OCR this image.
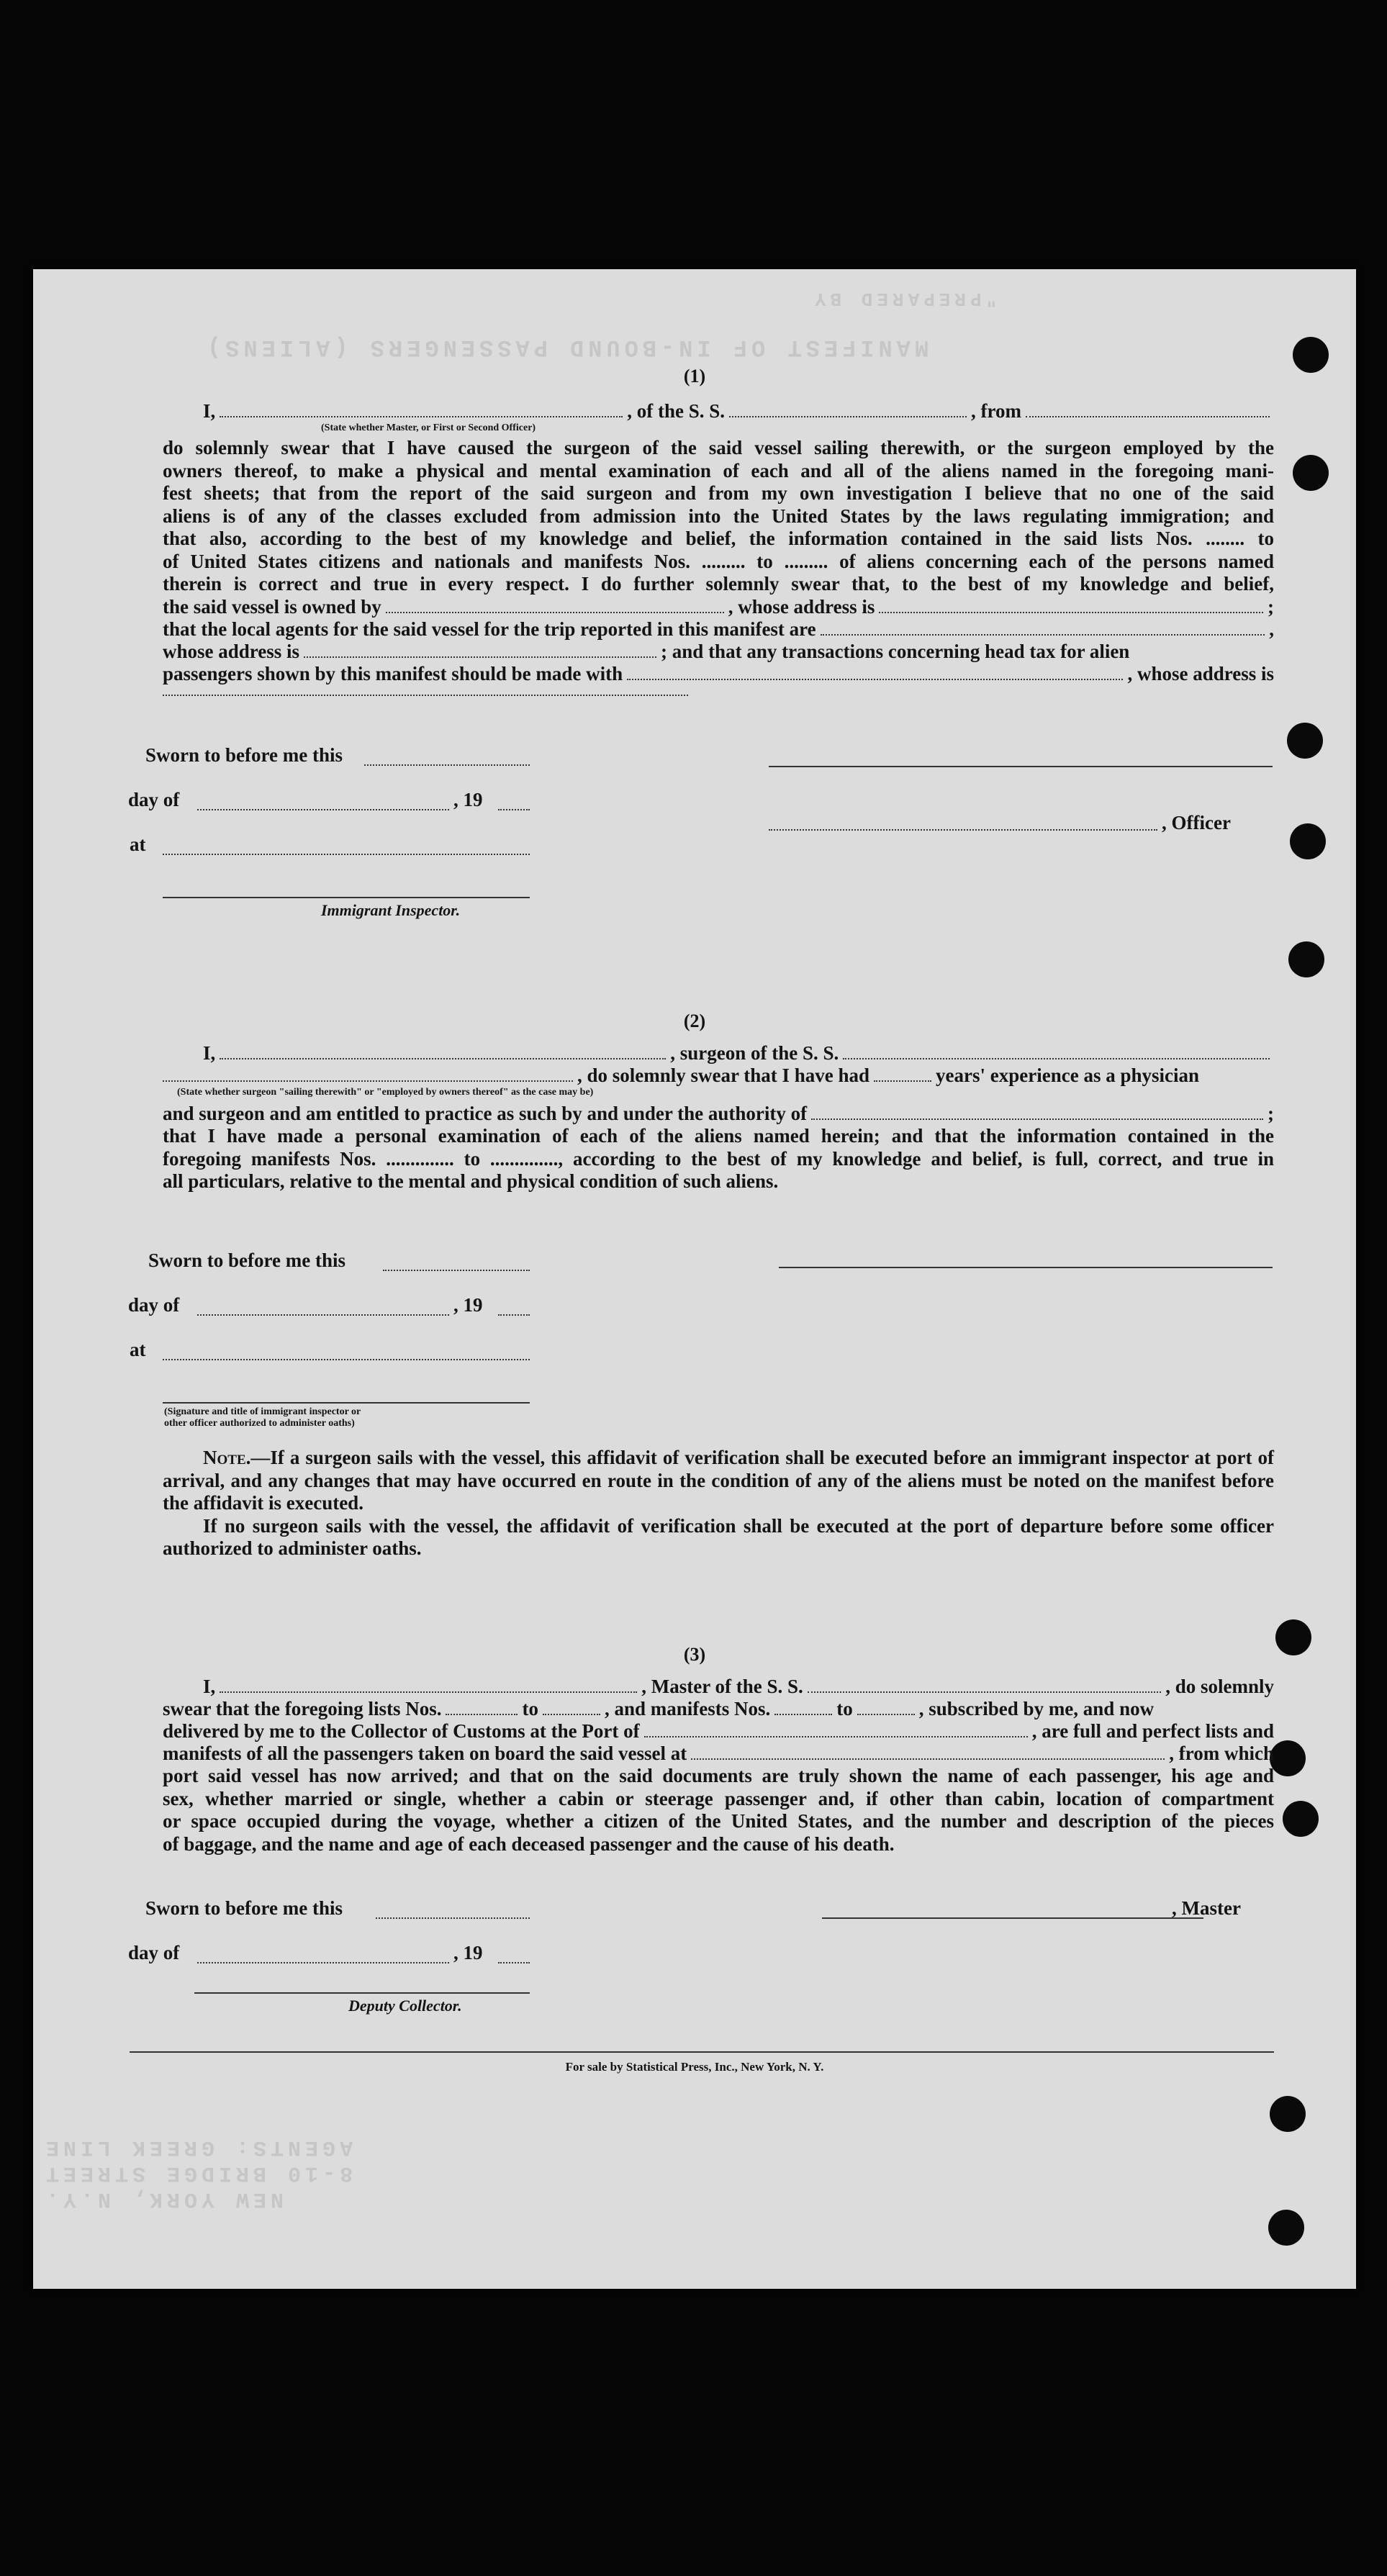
"PREPARED BY
MANIFEST OF IN-BOUND PASSENGERS (ALIENS)
AGENTS: GREEK LINE
8-10 BRIDGE STREET
NEW YORK, N.Y.
(1)
I,	, of the S. S.	, from
(State whether Master, or First or Second Officer)
do solemnly swear that I have caused the surgeon of the said vessel sailing therewith, or the surgeon employed by the
owners thereof, to make a physical and mental examination of each and all of the aliens named in the foregoing mani-
fest sheets; that from the report of the said surgeon and from my own investigation I believe that no one of the said
aliens is of any of the classes excluded from admission into the United States by the laws regulating immigration; and
that also, according to the best of my knowledge and belief, the information contained in the said lists Nos. ........ to
of United States citizens and nationals and manifests Nos. ......... to ......... of aliens concerning each of the persons named
therein is correct and true in every respect. I do further solemnly swear that, to the best of my knowledge and belief,
the said vessel is owned by	, whose address is	;
that the local agents for the said vessel for the trip reported in this manifest are	,
whose address is	; and that any transactions concerning head tax for alien
passengers shown by this manifest should be made with	, whose address is
Sworn to before me this
day of	, 19
, Officer
at
Immigrant Inspector.
(2)
I,	, surgeon of the S. S.
, do solemnly swear that I have had	years' experience as a physician
(State whether surgeon "sailing therewith" or "employed by owners thereof" as the case may be)
and surgeon and am entitled to practice as such by and under the authority of	;
that I have made a personal examination of each of the aliens named herein; and that the information contained in the
foregoing manifests Nos. .............. to .............., according to the best of my knowledge and belief, is full, correct, and true in
all particulars, relative to the mental and physical condition of such aliens.
Sworn to before me this
day of	, 19
at
(Signature and title of immigrant inspector or other officer authorized to administer oaths)
Note.—If a surgeon sails with the vessel, this affidavit of verification shall be executed before an immigrant inspector at port of arrival, and any changes that may have occurred en route in the condition of any of the aliens must be noted on the manifest before the affidavit is executed.
If no surgeon sails with the vessel, the affidavit of verification shall be executed at the port of departure before some officer authorized to administer oaths.
(3)
I,	, Master of the S. S.	, do solemnly
swear that the foregoing lists Nos.	to	, and manifests Nos.	to	, subscribed by me, and now
delivered by me to the Collector of Customs at the Port of	, are full and perfect lists and
manifests of all the passengers taken on board the said vessel at	, from which
port said vessel has now arrived; and that on the said documents are truly shown the name of each passenger, his age and
sex, whether married or single, whether a cabin or steerage passenger and, if other than cabin, location of compartment
or space occupied during the voyage, whether a citizen of the United States, and the number and description of the pieces
of baggage, and the name and age of each deceased passenger and the cause of his death.
Sworn to before me this	, Master
day of	, 19
Deputy Collector.
For sale by Statistical Press, Inc., New York, N. Y.
